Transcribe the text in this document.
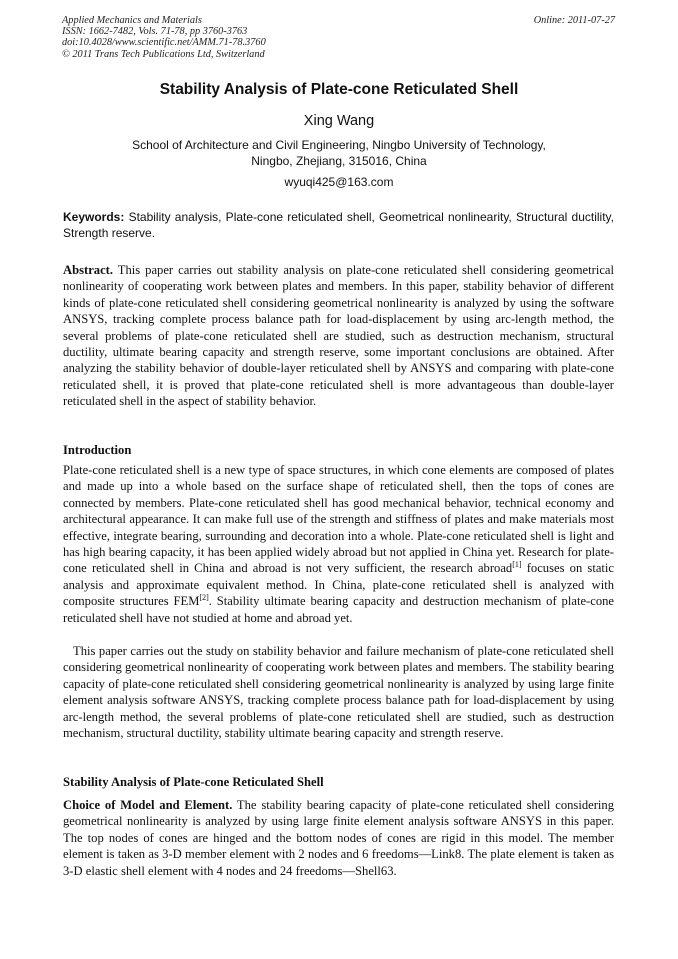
Applied Mechanics and Materials
ISSN: 1662-7482, Vols. 71-78, pp 3760-3763
doi:10.4028/www.scientific.net/AMM.71-78.3760
© 2011 Trans Tech Publications Ltd, Switzerland
Online: 2011-07-27
Stability Analysis of Plate-cone Reticulated Shell
Xing Wang
School of Architecture and Civil Engineering, Ningbo University of Technology,
Ningbo, Zhejiang, 315016, China
wyuqi425@163.com
Keywords: Stability analysis, Plate-cone reticulated shell, Geometrical nonlinearity, Structural ductility, Strength reserve.
Abstract. This paper carries out stability analysis on plate-cone reticulated shell considering geometrical nonlinearity of cooperating work between plates and members. In this paper, stability behavior of different kinds of plate-cone reticulated shell considering geometrical nonlinearity is analyzed by using the software ANSYS, tracking complete process balance path for load-displacement by using arc-length method, the several problems of plate-cone reticulated shell are studied, such as destruction mechanism, structural ductility, ultimate bearing capacity and strength reserve, some important conclusions are obtained. After analyzing the stability behavior of double-layer reticulated shell by ANSYS and comparing with plate-cone reticulated shell, it is proved that plate-cone reticulated shell is more advantageous than double-layer reticulated shell in the aspect of stability behavior.
Introduction
Plate-cone reticulated shell is a new type of space structures, in which cone elements are composed of plates and made up into a whole based on the surface shape of reticulated shell, then the tops of cones are connected by members. Plate-cone reticulated shell has good mechanical behavior, technical economy and architectural appearance. It can make full use of the strength and stiffness of plates and make materials most effective, integrate bearing, surrounding and decoration into a whole. Plate-cone reticulated shell is light and has high bearing capacity, it has been applied widely abroad but not applied in China yet. Research for plate-cone reticulated shell in China and abroad is not very sufficient, the research abroad[1] focuses on static analysis and approximate equivalent method. In China, plate-cone reticulated shell is analyzed with composite structures FEM[2]. Stability ultimate bearing capacity and destruction mechanism of plate-cone reticulated shell have not studied at home and abroad yet.
This paper carries out the study on stability behavior and failure mechanism of plate-cone reticulated shell considering geometrical nonlinearity of cooperating work between plates and members. The stability bearing capacity of plate-cone reticulated shell considering geometrical nonlinearity is analyzed by using large finite element analysis software ANSYS, tracking complete process balance path for load-displacement by using arc-length method, the several problems of plate-cone reticulated shell are studied, such as destruction mechanism, structural ductility, stability ultimate bearing capacity and strength reserve.
Stability Analysis of Plate-cone Reticulated Shell
Choice of Model and Element. The stability bearing capacity of plate-cone reticulated shell considering geometrical nonlinearity is analyzed by using large finite element analysis software ANSYS in this paper. The top nodes of cones are hinged and the bottom nodes of cones are rigid in this model. The member element is taken as 3-D member element with 2 nodes and 6 freedoms—Link8. The plate element is taken as 3-D elastic shell element with 4 nodes and 24 freedoms—Shell63.
